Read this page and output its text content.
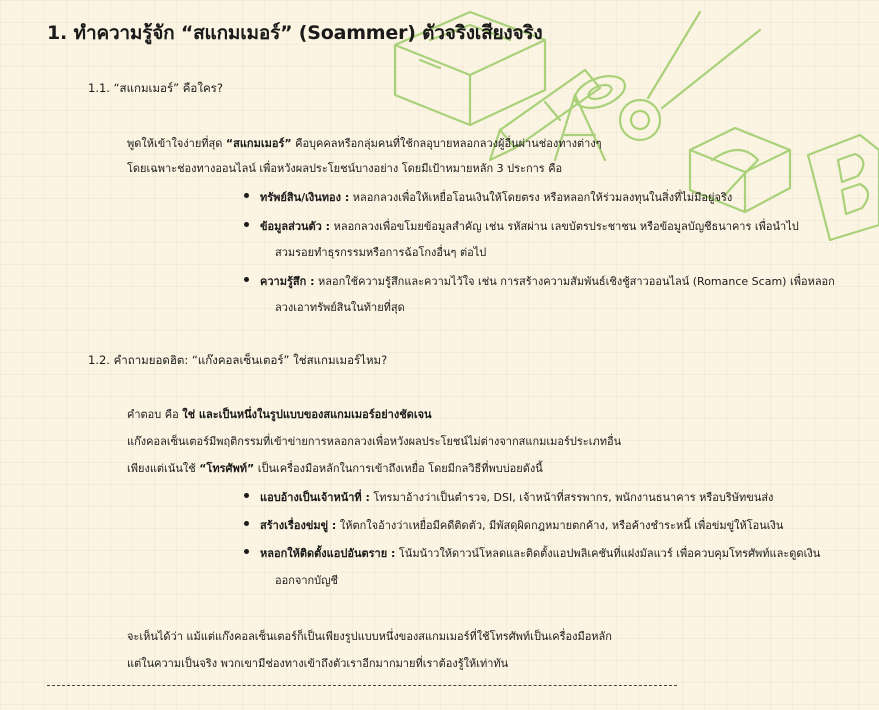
1. ทำความรู้จัก “สแกมเมอร์” (Soammer) ตัวจริงเสียงจริง
1.1. “สแกมเมอร์” คือใคร?
พูดให้เข้าใจง่ายที่สุด “สแกมเมอร์” คือบุคคลหรือกลุ่มคนที่ใช้กลอุบายหลอกลวงผู้อื่นผ่านช่องทางต่างๆ
โดยเฉพาะช่องทางออนไลน์ เพื่อหวังผลประโยชน์บางอย่าง โดยมีเป้าหมายหลัก 3 ประการ คือ
ทรัพย์สิน/เงินทอง : หลอกลวงเพื่อให้เหยื่อโอนเงินให้โดยตรง หรือหลอกให้ร่วมลงทุนในสิ่งที่ไม่มีอยู่จริง
ข้อมูลส่วนตัว : หลอกลวงเพื่อขโมยข้อมูลสำคัญ เช่น รหัสผ่าน เลขบัตรประชาชน หรือข้อมูลบัญชีธนาคาร เพื่อนำไป
สวมรอยทำธุรกรรมหรือการฉ้อโกงอื่นๆ ต่อไป
ความรู้สึก : หลอกใช้ความรู้สึกและความไว้ใจ เช่น การสร้างความสัมพันธ์เชิงชู้สาวออนไลน์ (Romance Scam) เพื่อหลอก
ลวงเอาทรัพย์สินในท้ายที่สุด
1.2. คำถามยอดฮิต: “แก๊งคอลเซ็นเตอร์” ใช่สแกมเมอร์ไหม?
คำตอบ คือ ใช่ และเป็นหนึ่งในรูปแบบของสแกมเมอร์อย่างชัดเจน
แก๊งคอลเซ็นเตอร์มีพฤติกรรมที่เข้าข่ายการหลอกลวงเพื่อหวังผลประโยชน์ไม่ต่างจากสแกมเมอร์ประเภทอื่น
เพียงแต่เน้นใช้ “โทรศัพท์” เป็นเครื่องมือหลักในการเข้าถึงเหยื่อ โดยมีกลวิธีที่พบบ่อยดังนี้
แอบอ้างเป็นเจ้าหน้าที่ : โทรมาอ้างว่าเป็นตำรวจ, DSI, เจ้าหน้าที่สรรพากร, พนักงานธนาคาร หรือบริษัทขนส่ง
สร้างเรื่องข่มขู่ : ให้ตกใจอ้างว่าเหยื่อมีคดีติดตัว, มีพัสดุผิดกฎหมายตกค้าง, หรือค้างชำระหนี้ เพื่อข่มขู่ให้โอนเงิน
หลอกให้ติดตั้งแอปอันตราย : โน้มน้าวให้ดาวน์โหลดและติดตั้งแอปพลิเคชันที่แฝงมัลแวร์ เพื่อควบคุมโทรศัพท์และดูดเงิน
ออกจากบัญชี
จะเห็นได้ว่า แม้แต่แก๊งคอลเซ็นเตอร์ก็เป็นเพียงรูปแบบหนึ่งของสแกมเมอร์ที่ใช้โทรศัพท์เป็นเครื่องมือหลัก
แต่ในความเป็นจริง พวกเขามีช่องทางเข้าถึงตัวเราอีกมากมายที่เราต้องรู้ให้เท่าทัน
